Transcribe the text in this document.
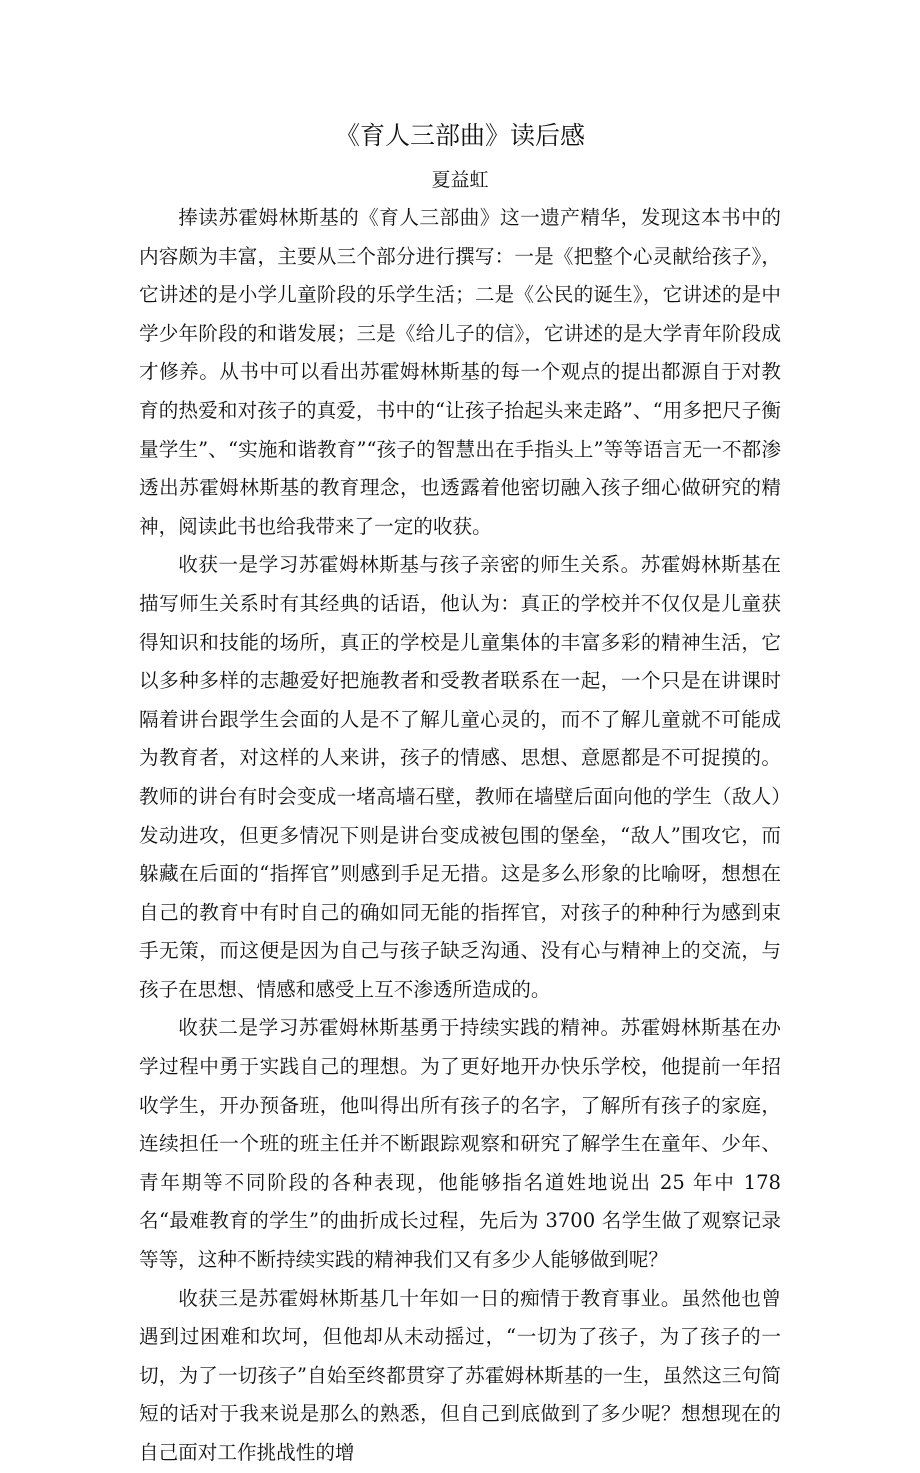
《育人三部曲》读后感
夏益虹

捧读苏霍姆林斯基的《育人三部曲》这一遗产精华，发现这本书中的内容颇为丰富，主要从三个部分进行撰写：一是《把整个心灵献给孩子》，它讲述的是小学儿童阶段的乐学生活；二是《公民的诞生》，它讲述的是中学少年阶段的和谐发展；三是《给儿子的信》，它讲述的是大学青年阶段成才修养。从书中可以看出苏霍姆林斯基的每一个观点的提出都源自于对教育的热爱和对孩子的真爱，书中的“让孩子抬起头来走路”、“用多把尺子衡量学生”、“实施和谐教育”“孩子的智慧出在手指头上”等等语言无一不都渗透出苏霍姆林斯基的教育理念，也透露着他密切融入孩子细心做研究的精神，阅读此书也给我带来了一定的收获。

收获一是学习苏霍姆林斯基与孩子亲密的师生关系。苏霍姆林斯基在描写师生关系时有其经典的话语，他认为：真正的学校并不仅仅是儿童获得知识和技能的场所，真正的学校是儿童集体的丰富多彩的精神生活，它以多种多样的志趣爱好把施教者和受教者联系在一起，一个只是在讲课时隔着讲台跟学生会面的人是不了解儿童心灵的，而不了解儿童就不可能成为教育者，对这样的人来讲，孩子的情感、思想、意愿都是不可捉摸的。教师的讲台有时会变成一堵高墙石壁，教师在墙壁后面向他的学生（敌人）发动进攻，但更多情况下则是讲台变成被包围的堡垒，“敌人”围攻它，而躲藏在后面的“指挥官”则感到手足无措。这是多么形象的比喻呀，想想在自己的教育中有时自己的确如同无能的指挥官，对孩子的种种行为感到束手无策，而这便是因为自己与孩子缺乏沟通、没有心与精神上的交流，与孩子在思想、情感和感受上互不渗透所造成的。

收获二是学习苏霍姆林斯基勇于持续实践的精神。苏霍姆林斯基在办学过程中勇于实践自己的理想。为了更好地开办快乐学校，他提前一年招收学生，开办预备班，他叫得出所有孩子的名字，了解所有孩子的家庭，连续担任一个班的班主任并不断跟踪观察和研究了解学生在童年、少年、青年期等不同阶段的各种表现，他能够指名道姓地说出 25 年中 178 名“最难教育的学生”的曲折成长过程，先后为 3700 名学生做了观察记录等等，这种不断持续实践的精神我们又有多少人能够做到呢？

收获三是苏霍姆林斯基几十年如一日的痴情于教育事业。虽然他也曾遇到过困难和坎坷，但他却从未动摇过，“一切为了孩子，为了孩子的一切，为了一切孩子”自始至终都贯穿了苏霍姆林斯基的一生，虽然这三句简短的话对于我来说是那么的熟悉，但自己到底做到了多少呢？想想现在的自己面对工作挑战性的增
